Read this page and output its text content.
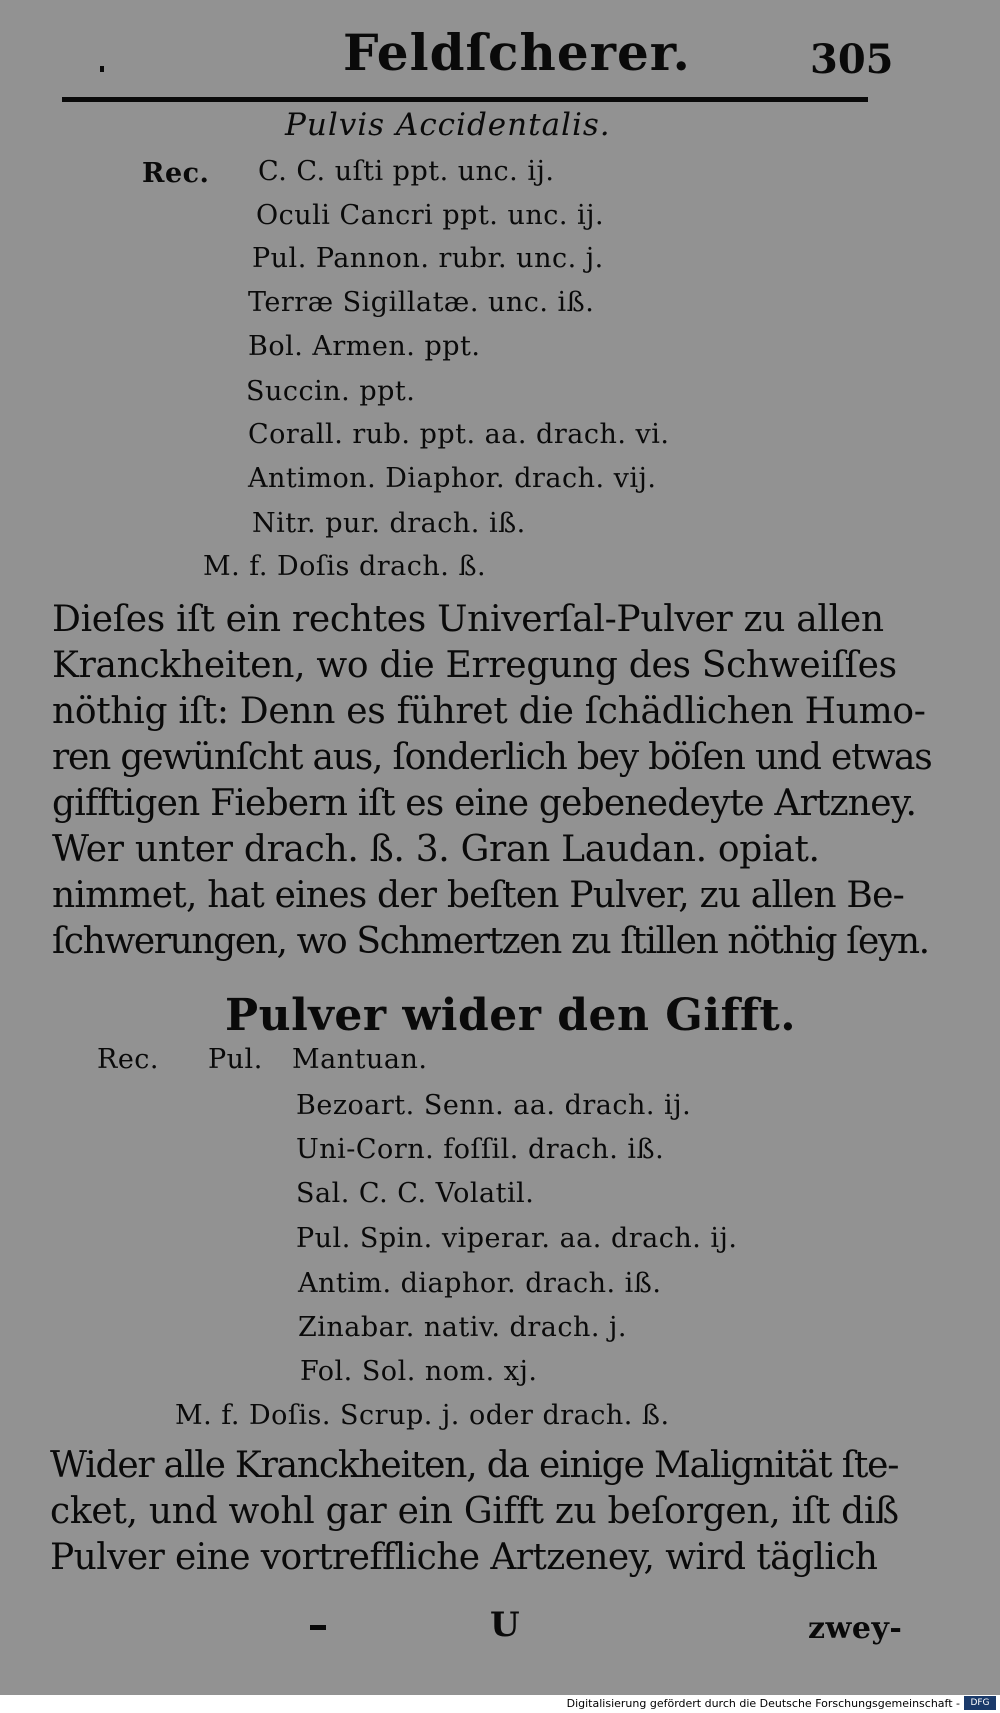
Feldſcherer.	305
Pulvis Accidentalis.
Rec. C. C. uſti ppt. unc. ij.
Oculi Cancri ppt. unc. ij.
Pul. Pannon. rubr. unc. j.
Terræ Sigillatæ. unc. iß.
Bol. Armen. ppt.
Succin. ppt.
Corall. rub. ppt. aa. drach. vi.
Antimon. Diaphor. drach. vij.
Nitr. pur. drach. iß.
M. f. Doſis drach. ß.
Dieſes iſt ein rechtes Univerſal-Pulver zu allen
Kranckheiten, wo die Erregung des Schweiſſes
nöthig iſt: Denn es führet die ſchädlichen Humo-
ren gewünſcht aus, ſonderlich bey böſen und etwas
gifftigen Fiebern iſt es eine gebenedeyte Artzney.
Wer unter drach. ß. 3. Gran Laudan. opiat.
nimmet, hat eines der beſten Pulver, zu allen Be-
ſchwerungen, wo Schmertzen zu ſtillen nöthig ſeyn.
Pulver wider den Gifft.
Rec. Pul. Mantuan.
Bezoart. Senn. aa. drach. ij.
Uni-Corn. foſſil. drach. iß.
Sal. C. C. Volatil.
Pul. Spin. viperar. aa. drach. ij.
Antim. diaphor. drach. iß.
Zinabar. nativ. drach. j.
Fol. Sol. nom. xj.
M. f. Doſis. Scrup. j. oder drach. ß.
Wider alle Kranckheiten, da einige Malignität ſte-
cket, und wohl gar ein Gifft zu beſorgen, iſt diß
Pulver eine vortreffliche Artzeney, wird täglich
U	zwey-
Digitalisierung gefördert durch die Deutsche Forschungsgemeinschaft -	DFG
